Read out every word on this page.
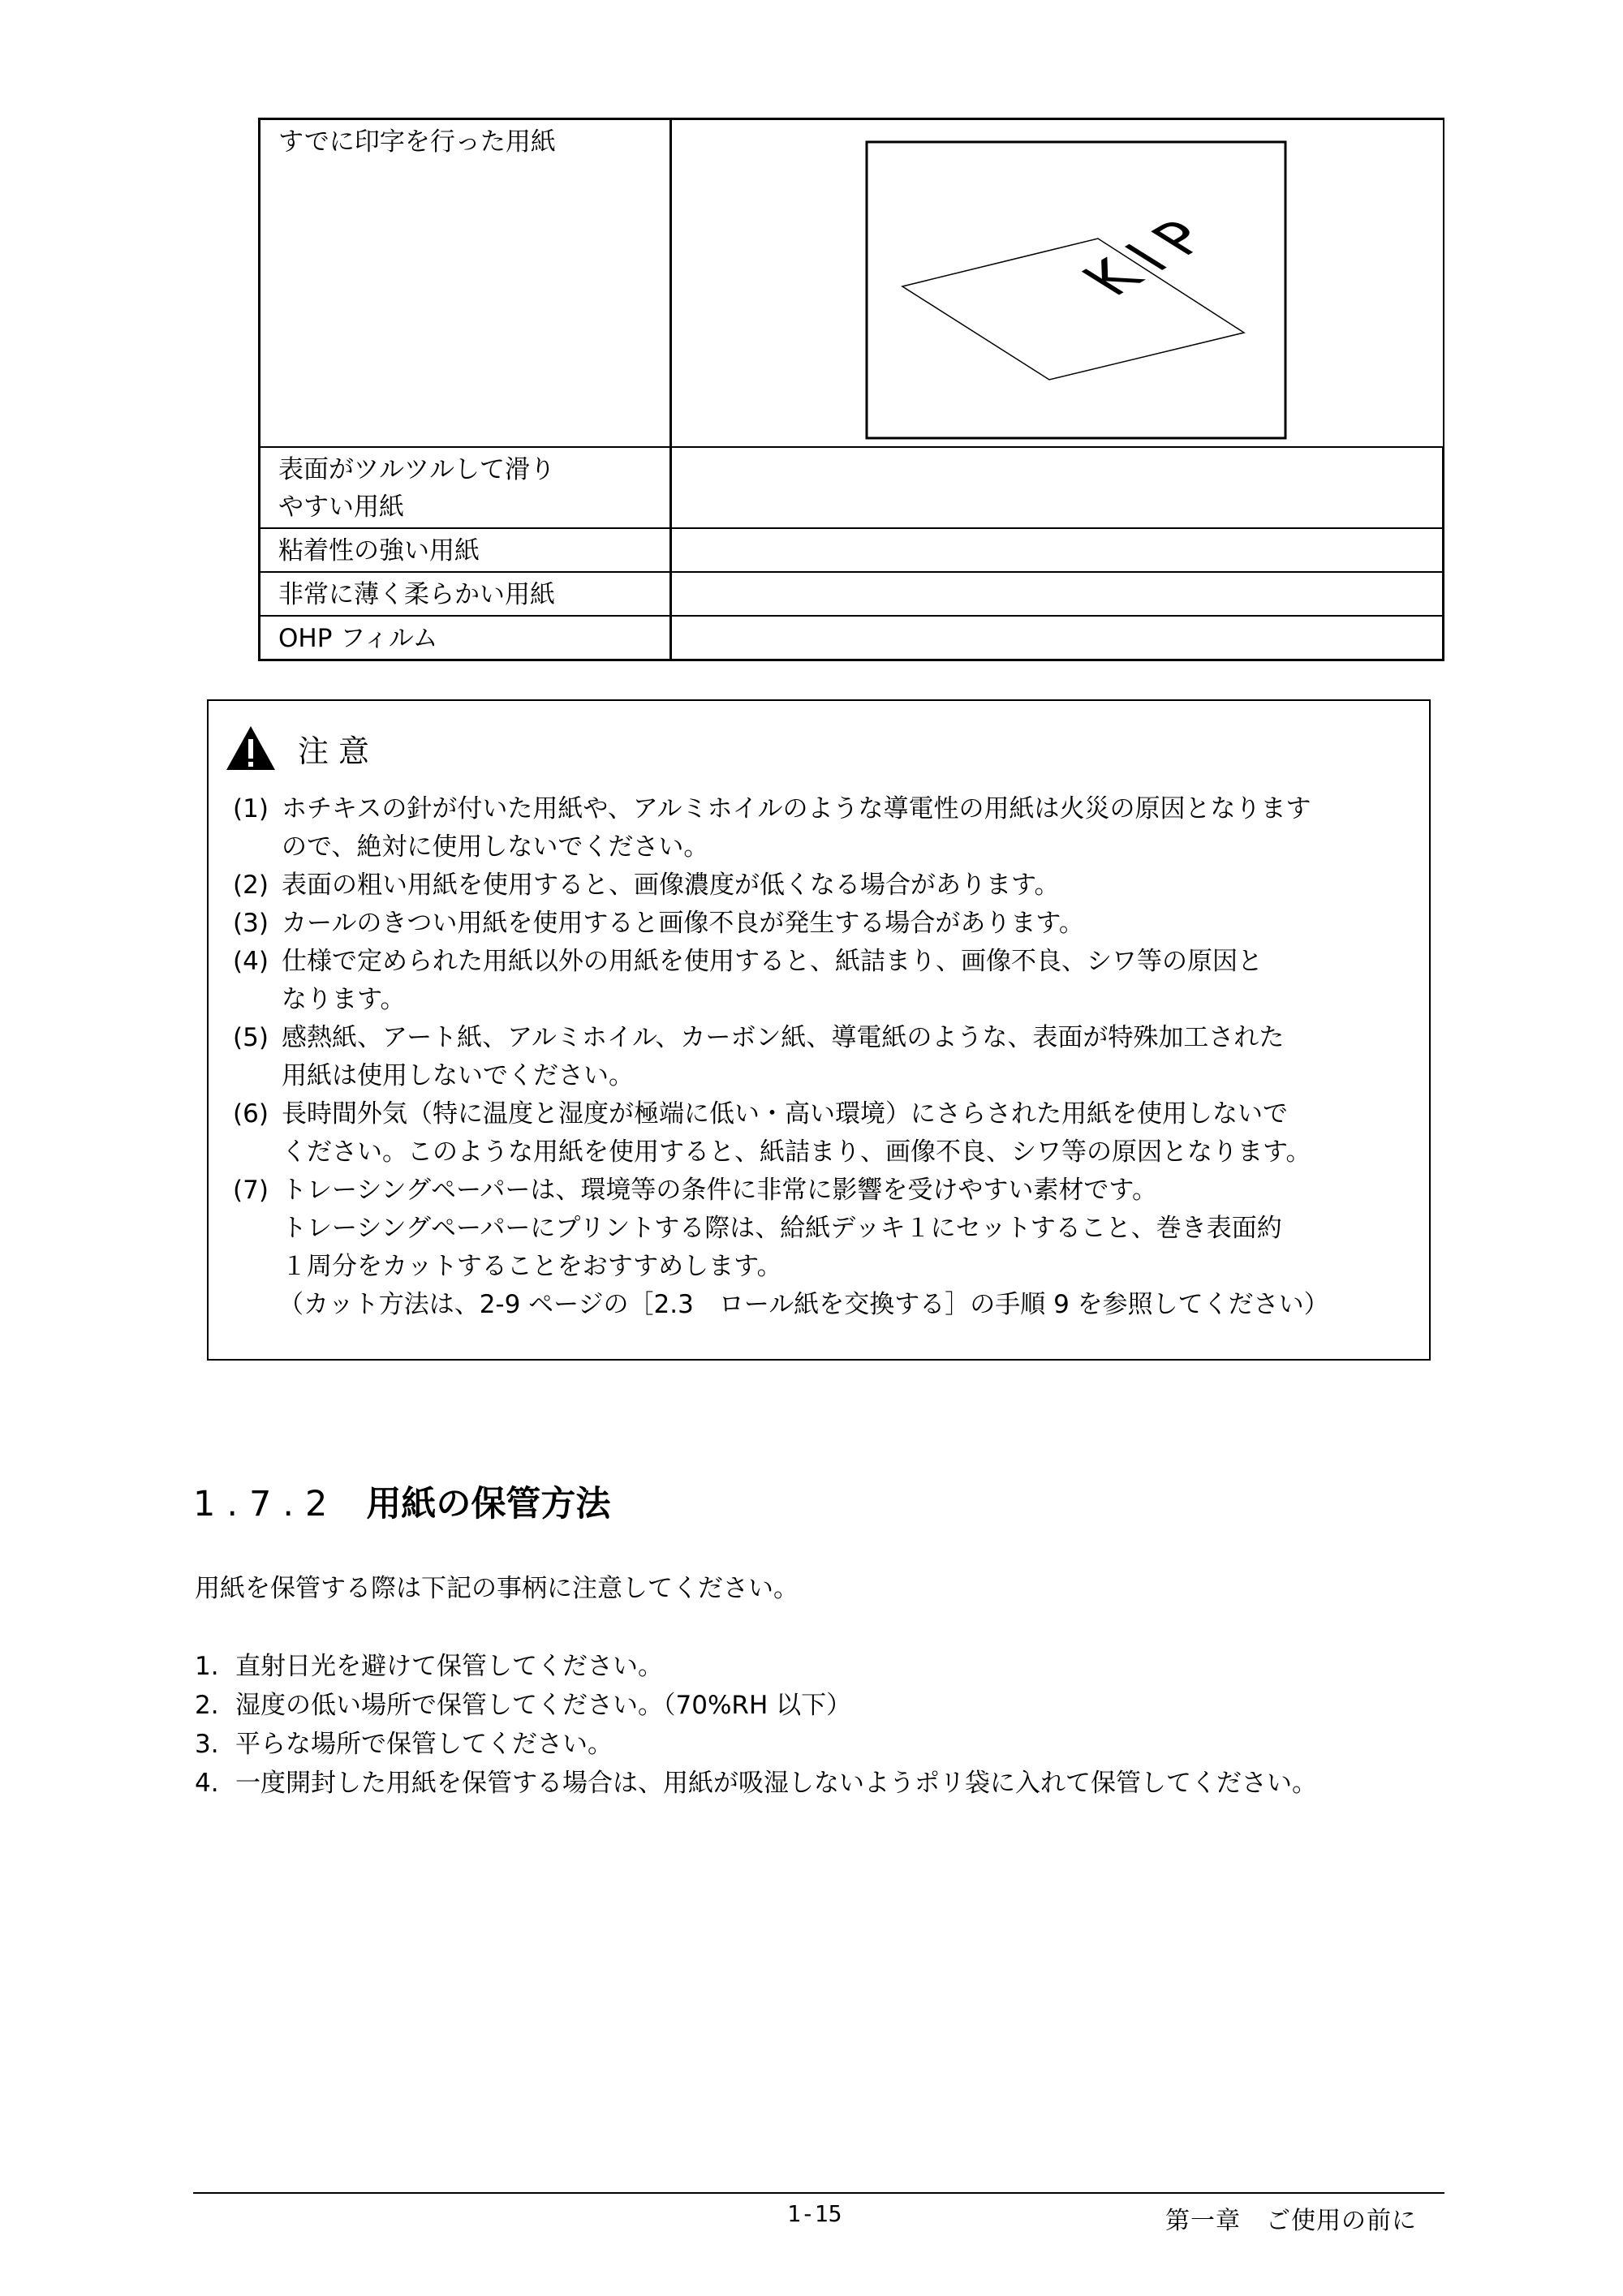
すでに印字を行った用紙	KIP

表面がツルツルして滑り
やすい用紙	
粘着性の強い用紙	
非常に薄く柔らかい用紙	
OHP フィルム	
注意
(1) ホチキスの針が付いた用紙や、アルミホイルのような導電性の用紙は火災の原因となります
ので、絶対に使用しないでください。
(2) 表面の粗い用紙を使用すると、画像濃度が低くなる場合があります。
(3) カールのきつい用紙を使用すると画像不良が発生する場合があります。
(4) 仕様で定められた用紙以外の用紙を使用すると、紙詰まり、画像不良、シワ等の原因と
なります。
(5) 感熱紙、アート紙、アルミホイル、カーボン紙、導電紙のような、表面が特殊加工された
用紙は使用しないでください。
(6) 長時間外気（特に温度と湿度が極端に低い・高い環境）にさらされた用紙を使用しないで
ください。このような用紙を使用すると、紙詰まり、画像不良、シワ等の原因となります。
(7) トレーシングペーパーは、環境等の条件に非常に影響を受けやすい素材です。
トレーシングペーパーにプリントする際は、給紙デッキ１にセットすること、巻き表面約
１周分をカットすることをおすすめします。
（カット方法は、2-9 ページの［2.3　ロール紙を交換する］の手順 9 を参照してください）
1.7.2 用紙の保管方法
用紙を保管する際は下記の事柄に注意してください。
1. 直射日光を避けて保管してください。
2. 湿度の低い場所で保管してください。（70%RH 以下）
3. 平らな場所で保管してください。
4. 一度開封した用紙を保管する場合は、用紙が吸湿しないようポリ袋に入れて保管してください。
1-15	第一章　ご使用の前に
